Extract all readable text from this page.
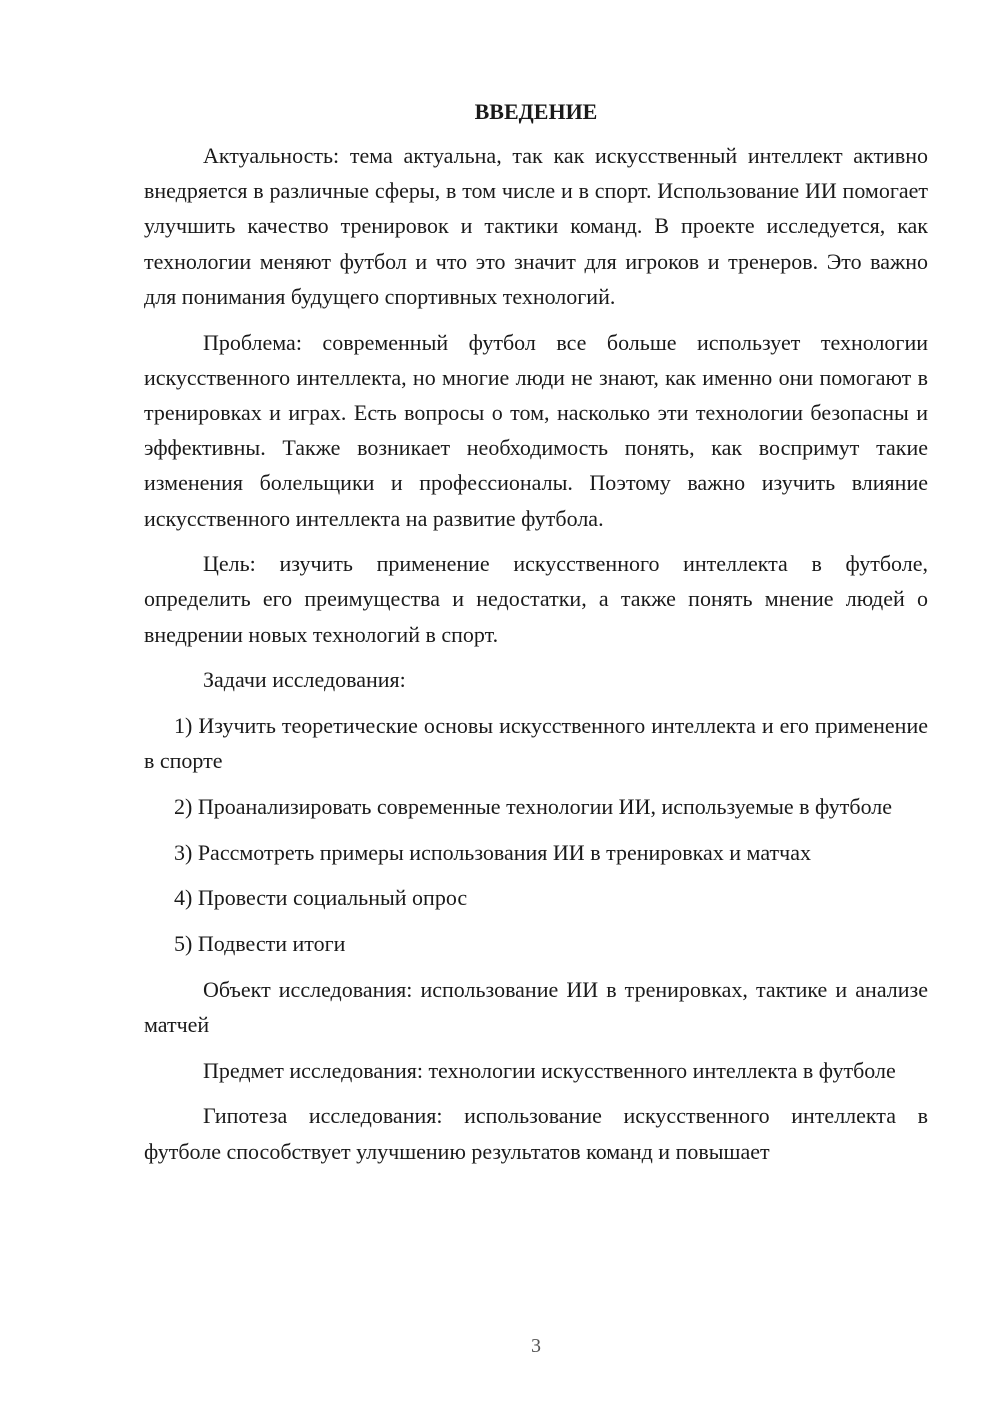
ВВЕДЕНИЕ

Актуальность: тема актуальна, так как искусственный интеллект активно внедряется в различные сферы, в том числе и в спорт. Использование ИИ помогает улучшить качество тренировок и тактики команд. В проекте исследуется, как технологии меняют футбол и что это значит для игроков и тренеров. Это важно для понимания будущего спортивных технологий.

Проблема: современный футбол все больше использует технологии искусственного интеллекта, но многие люди не знают, как именно они помогают в тренировках и играх. Есть вопросы о том, насколько эти технологии безопасны и эффективны. Также возникает необходимость понять, как воспримут такие изменения болельщики и профессионалы. Поэтому важно изучить влияние искусственного интеллекта на развитие футбола.

Цель: изучить применение искусственного интеллекта в футболе, определить его преимущества и недостатки, а также понять мнение людей о внедрении новых технологий в спорт.

Задачи исследования:

1) Изучить теоретические основы искусственного интеллекта и его применение в спорте

2) Проанализировать современные технологии ИИ, используемые в футболе

3) Рассмотреть примеры использования ИИ в тренировках и матчах

4) Провести социальный опрос

5) Подвести итоги

Объект исследования: использование ИИ в тренировках, тактике и анализе матчей

Предмет исследования: технологии искусственного интеллекта в футболе

Гипотеза исследования: использование искусственного интеллекта в футболе способствует улучшению результатов команд и повышает

3
